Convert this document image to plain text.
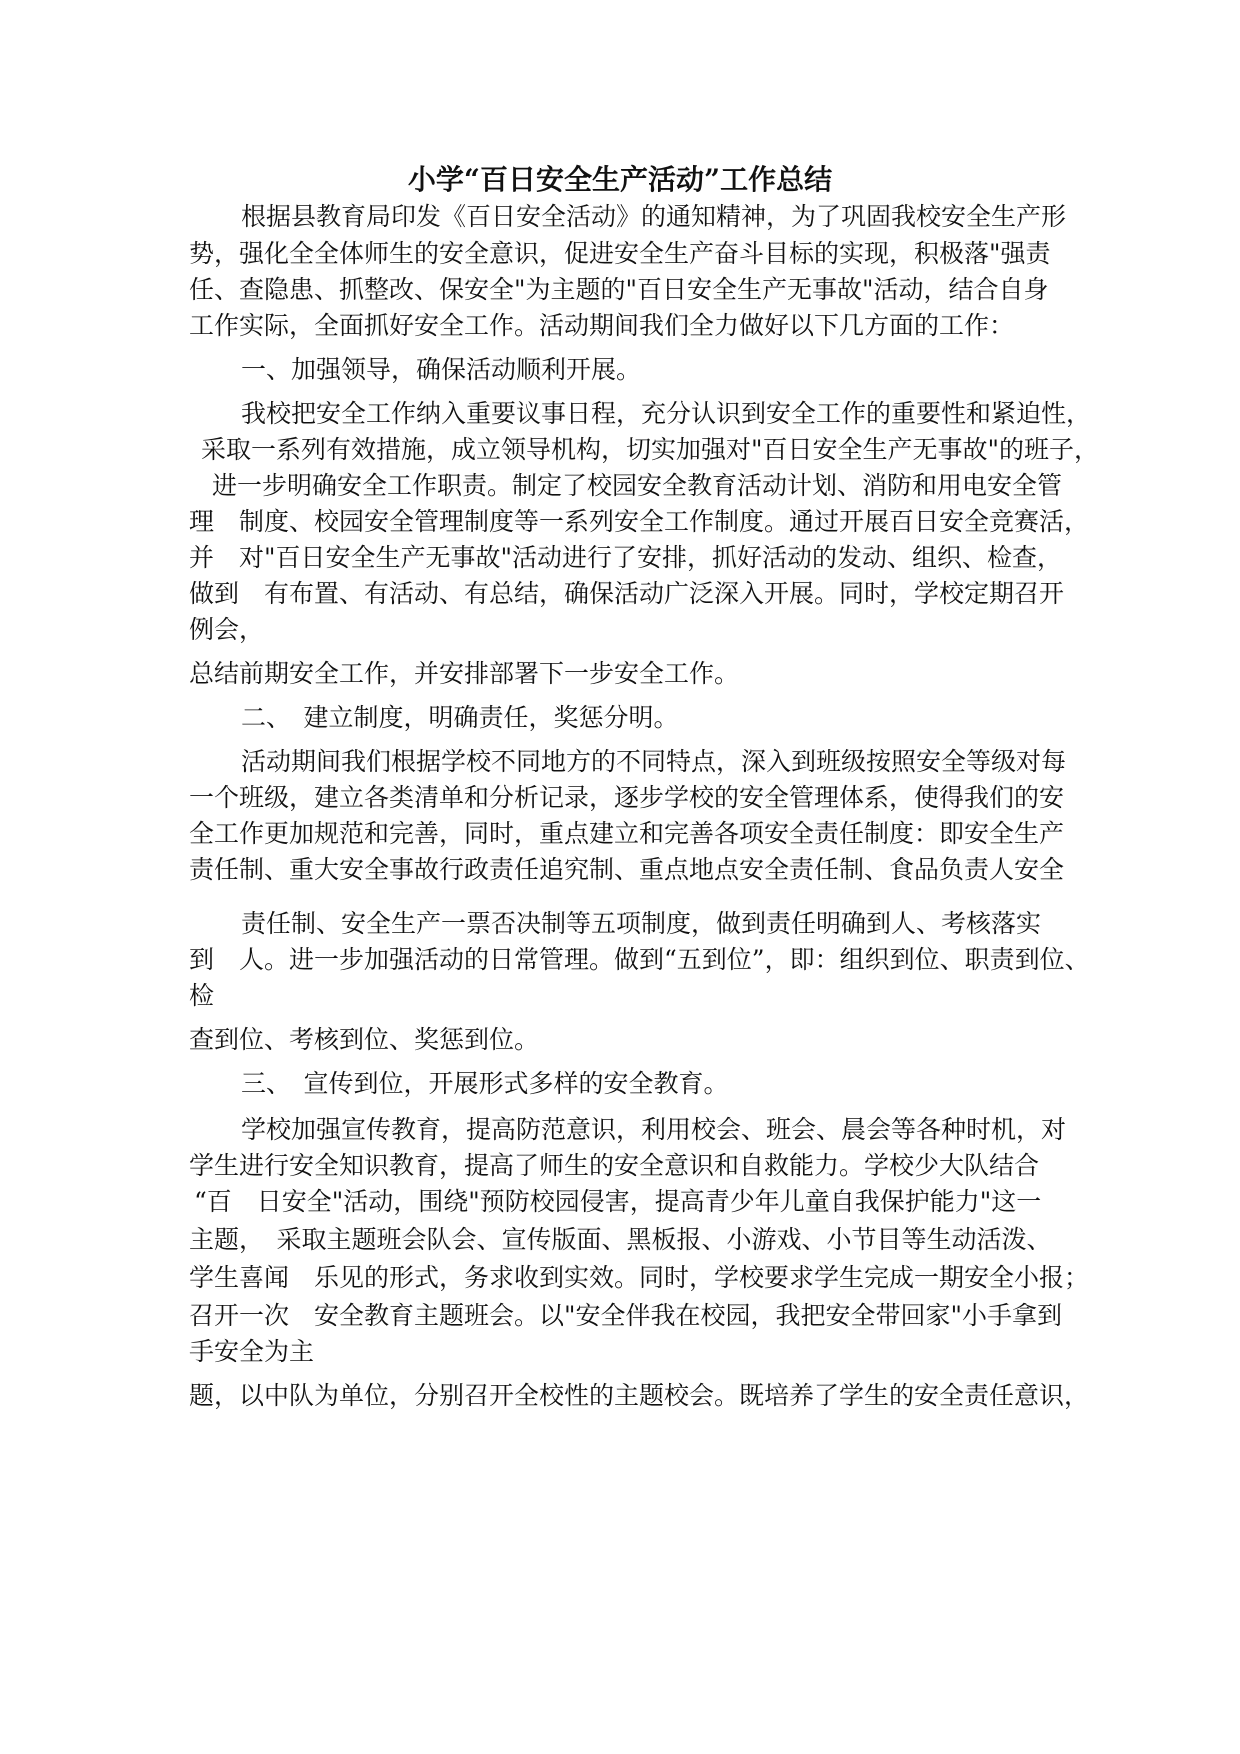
小学“百日安全生产活动”工作总结
根据县教育局印发《百日安全活动》的通知精神，为了巩固我校安全生产形
势，强化全全体师生的安全意识，促进安全生产奋斗目标的实现，积极落"强责
任、查隐患、抓整改、保安全"为主题的"百日安全生产无事故"活动，结合自身
工作实际，全面抓好安全工作。活动期间我们全力做好以下几方面的工作：
一、加强领导，确保活动顺利开展。
我校把安全工作纳入重要议事日程，充分认识到安全工作的重要性和紧迫性，
采取一系列有效措施，成立领导机构，切实加强对"百日安全生产无事故"的班子，
进一步明确安全工作职责。制定了校园安全教育活动计划、消防和用电安全管
理　制度、校园安全管理制度等一系列安全工作制度。通过开展百日安全竞赛活，
并　对"百日安全生产无事故"活动进行了安排，抓好活动的发动、组织、检查，
做到　有布置、有活动、有总结，确保活动广泛深入开展。同时，学校定期召开
例会，
总结前期安全工作，并安排部署下一步安全工作。
二、　建立制度，明确责任，奖惩分明。
活动期间我们根据学校不同地方的不同特点，深入到班级按照安全等级对每
一个班级，建立各类清单和分析记录，逐步学校的安全管理体系，使得我们的安
全工作更加规范和完善，同时，重点建立和完善各项安全责任制度：即安全生产
责任制、重大安全事故行政责任追究制、重点地点安全责任制、食品负责人安全
责任制、安全生产一票否决制等五项制度，做到责任明确到人、考核落实
到　人。进一步加强活动的日常管理。做到“五到位”，即：组织到位、职责到位、
检
查到位、考核到位、奖惩到位。
三、　宣传到位，开展形式多样的安全教育。
学校加强宣传教育，提高防范意识，利用校会、班会、晨会等各种时机，对
学生进行安全知识教育，提高了师生的安全意识和自救能力。学校少大队结合
“百　日安全"活动，围绕"预防校园侵害，提高青少年儿童自我保护能力"这一
主题，　采取主题班会队会、宣传版面、黑板报、小游戏、小节目等生动活泼、
学生喜闻　乐见的形式，务求收到实效。同时，学校要求学生完成一期安全小报；
召开一次　安全教育主题班会。以"安全伴我在校园，我把安全带回家"小手拿到
手安全为主
题，以中队为单位，分别召开全校性的主题校会。既培养了学生的安全责任意识，
